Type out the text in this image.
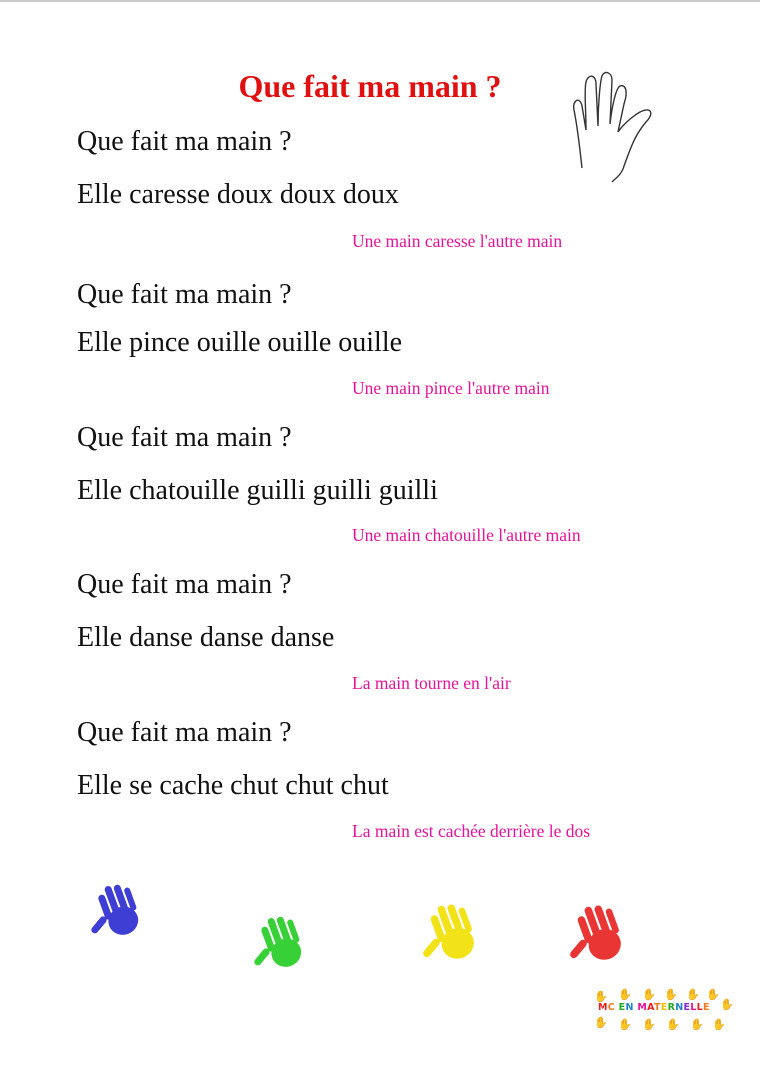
Que fait ma main ?
Que fait ma main ?
Elle caresse doux doux doux
Une main caresse l'autre main
Que fait ma main ?
Elle pince ouille ouille ouille
Une main pince l'autre main
Que fait ma main ?
Elle chatouille guilli guilli guilli
Une main chatouille l'autre main
Que fait ma main ?
Elle danse danse danse
La main tourne en l'air
Que fait ma main ?
Elle se cache chut chut chut
La main est cachée derrière le dos
✋ ✋ ✋ ✋ ✋ ✋
✋
✋ ✋ ✋ ✋ ✋ ✋
MC EN MATERNELLE
